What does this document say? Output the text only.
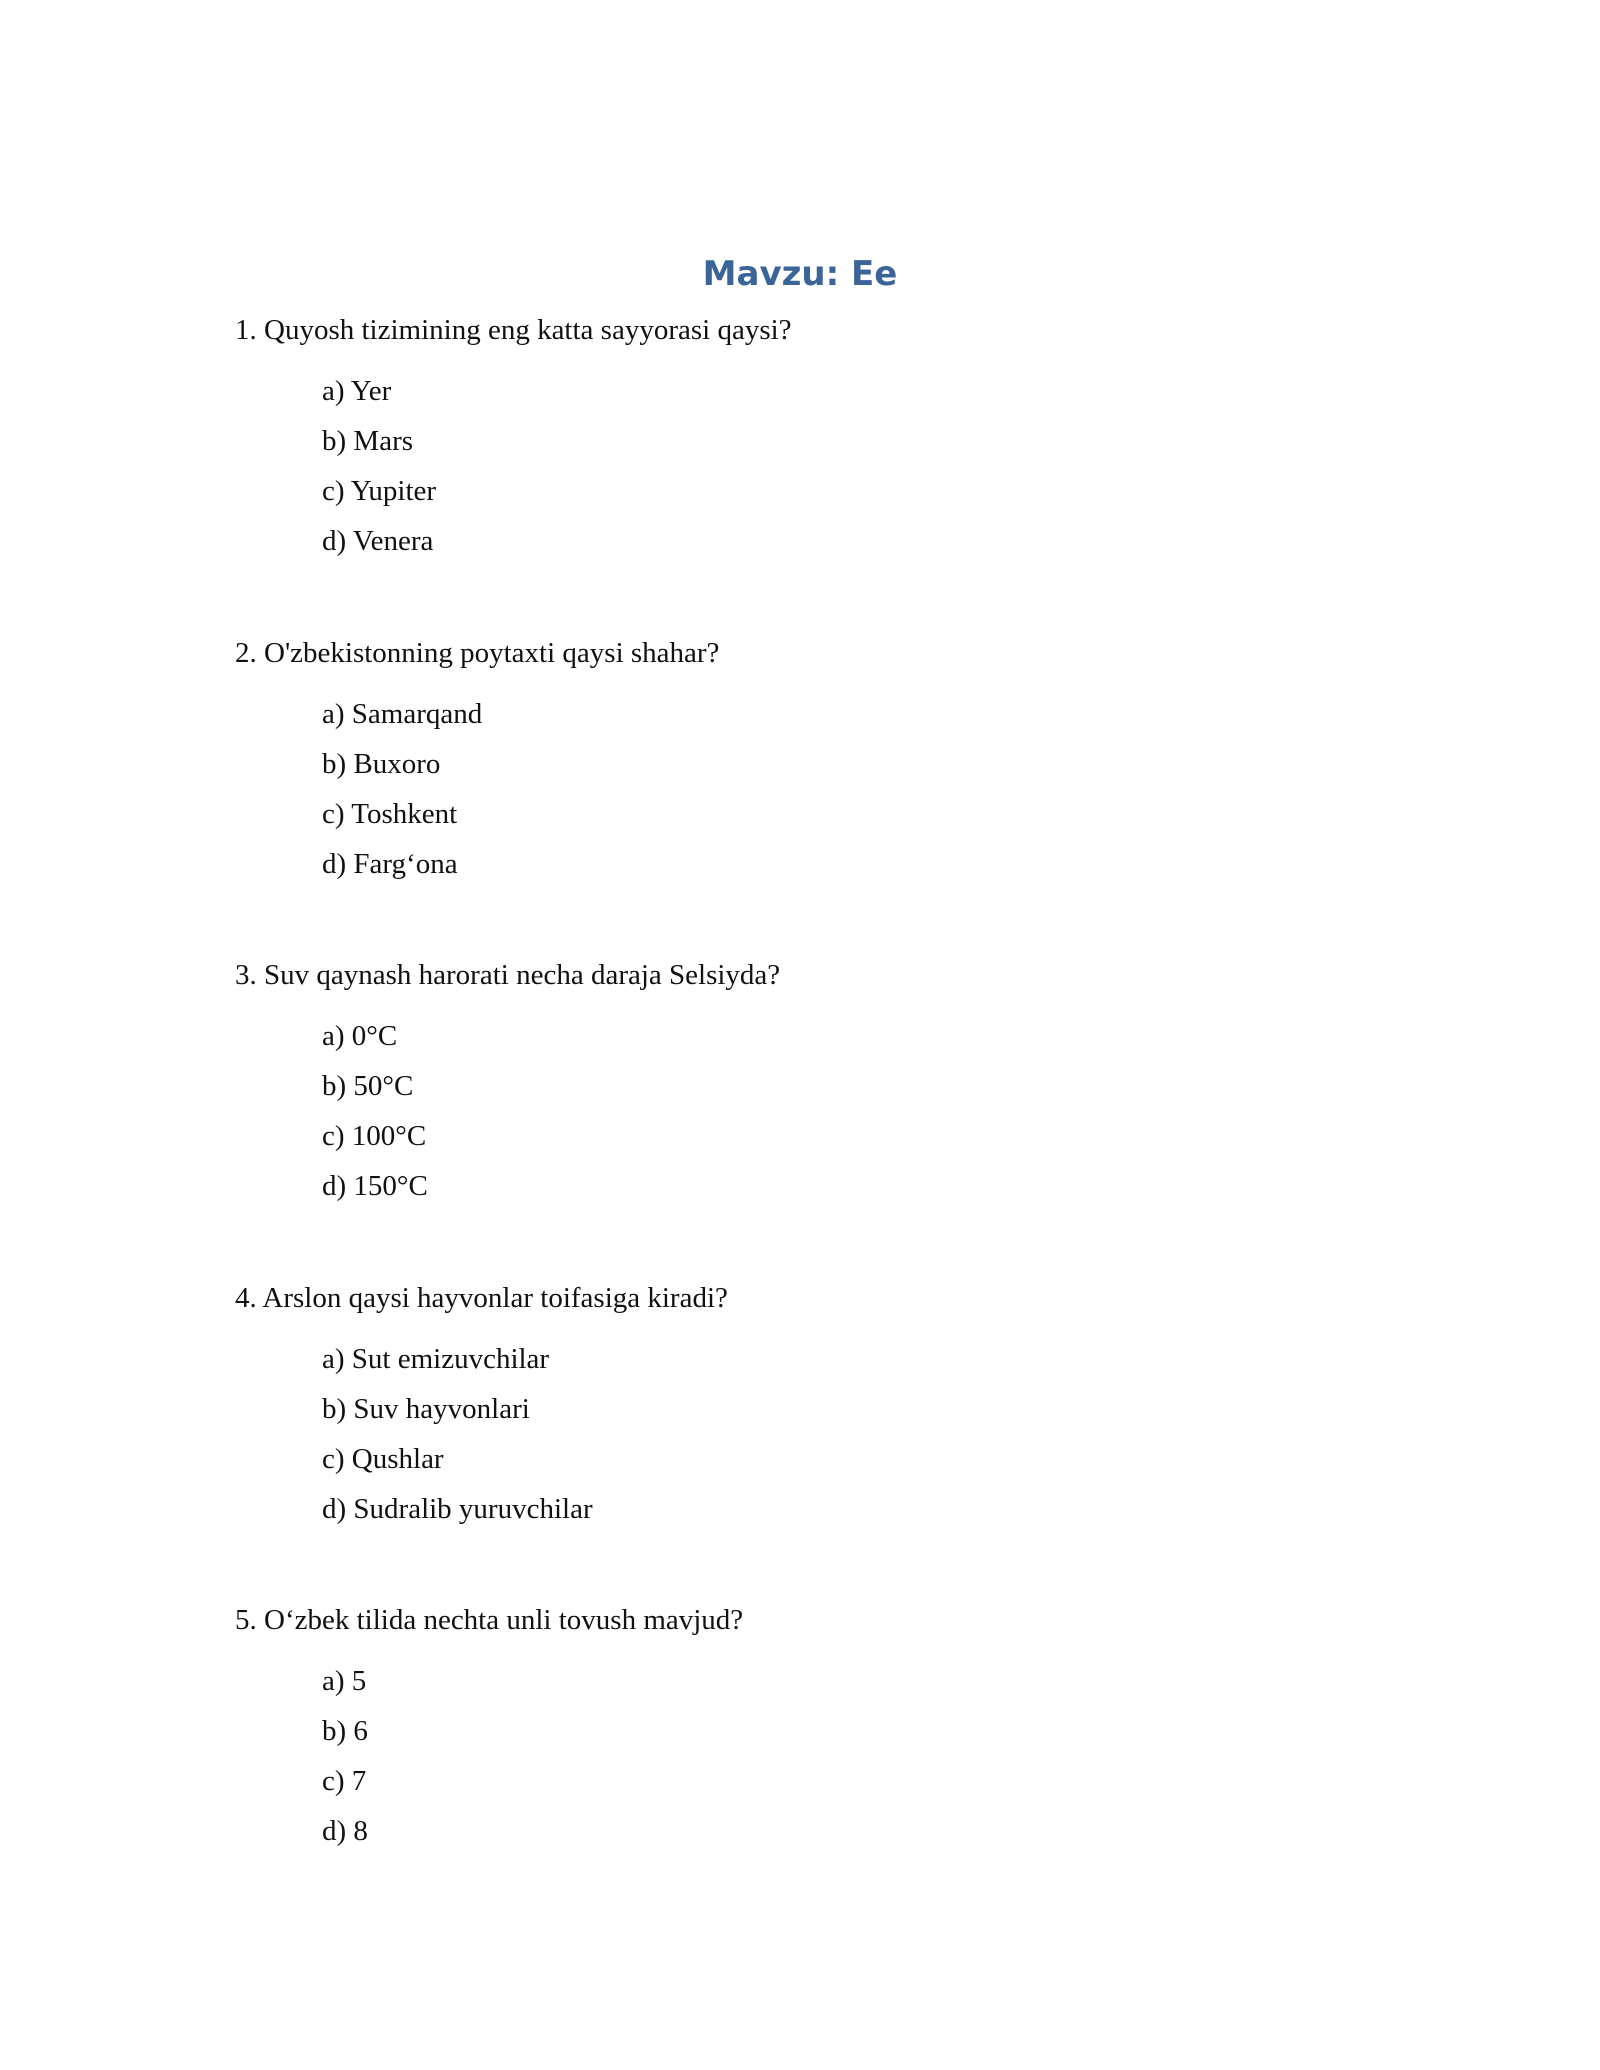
Mavzu: Ee

1. Quyosh tizimining eng katta sayyorasi qaysi?

a) Yer
b) Mars
c) Yupiter
d) Venera

2. O'zbekistonning poytaxti qaysi shahar?

a) Samarqand
b) Buxoro
c) Toshkent
d) Farg‘ona

3. Suv qaynash harorati necha daraja Selsiyda?

a) 0°C
b) 50°C
c) 100°C
d) 150°C

4. Arslon qaysi hayvonlar toifasiga kiradi?

a) Sut emizuvchilar
b) Suv hayvonlari
c) Qushlar
d) Sudralib yuruvchilar

5. O‘zbek tilida nechta unli tovush mavjud?

a) 5
b) 6
c) 7
d) 8
